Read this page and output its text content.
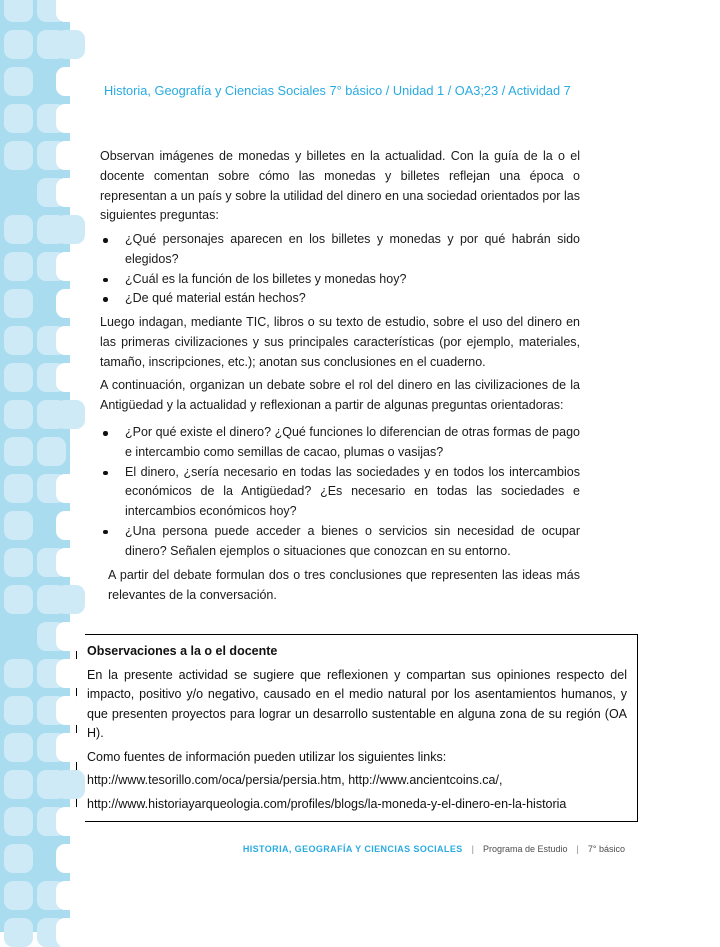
Historia, Geografía y Ciencias Sociales 7° básico / Unidad 1 / OA3;23 / Actividad 7
Observan imágenes de monedas y billetes en la actualidad. Con la guía de la o el docente comentan sobre cómo las monedas y billetes reflejan una época o representan a un país y sobre la utilidad del dinero en una sociedad orientados por las siguientes preguntas:
¿Qué personajes aparecen en los billetes y monedas y por qué habrán sido elegidos?
¿Cuál es la función de los billetes y monedas hoy?
¿De qué material están hechos?
Luego indagan, mediante TIC, libros o su texto de estudio, sobre el uso del dinero en las primeras civilizaciones y sus principales características (por ejemplo, materiales, tamaño, inscripciones, etc.); anotan sus conclusiones en el cuaderno.
A continuación, organizan un debate sobre el rol del dinero en las civilizaciones de la Antigüedad y la actualidad y reflexionan a partir de algunas preguntas orientadoras:
¿Por qué existe el dinero? ¿Qué funciones lo diferencian de otras formas de pago e intercambio como semillas de cacao, plumas o vasijas?
El dinero, ¿sería necesario en todas las sociedades y en todos los intercambios económicos de la Antigüedad? ¿Es necesario en todas las sociedades e intercambios económicos hoy?
¿Una persona puede acceder a bienes o servicios sin necesidad de ocupar dinero? Señalen ejemplos o situaciones que conozcan en su entorno.
A partir del debate formulan dos o tres conclusiones que representen las ideas más relevantes de la conversación.
Observaciones a la o el docente

En la presente actividad se sugiere que reflexionen y compartan sus opiniones respecto del impacto, positivo y/o negativo, causado en el medio natural por los asentamientos humanos, y que presenten proyectos para lograr un desarrollo sustentable en alguna zona de su región (OA H).

Como fuentes de información pueden utilizar los siguientes links:

http://www.tesorillo.com/oca/persia/persia.htm, http://www.ancientcoins.ca/,

http://www.historiayarqueologia.com/profiles/blogs/la-moneda-y-el-dinero-en-la-historia

HISTORIA, GEOGRAFÍA Y CIENCIAS SOCIALES | Programa de Estudio | 7° básico
